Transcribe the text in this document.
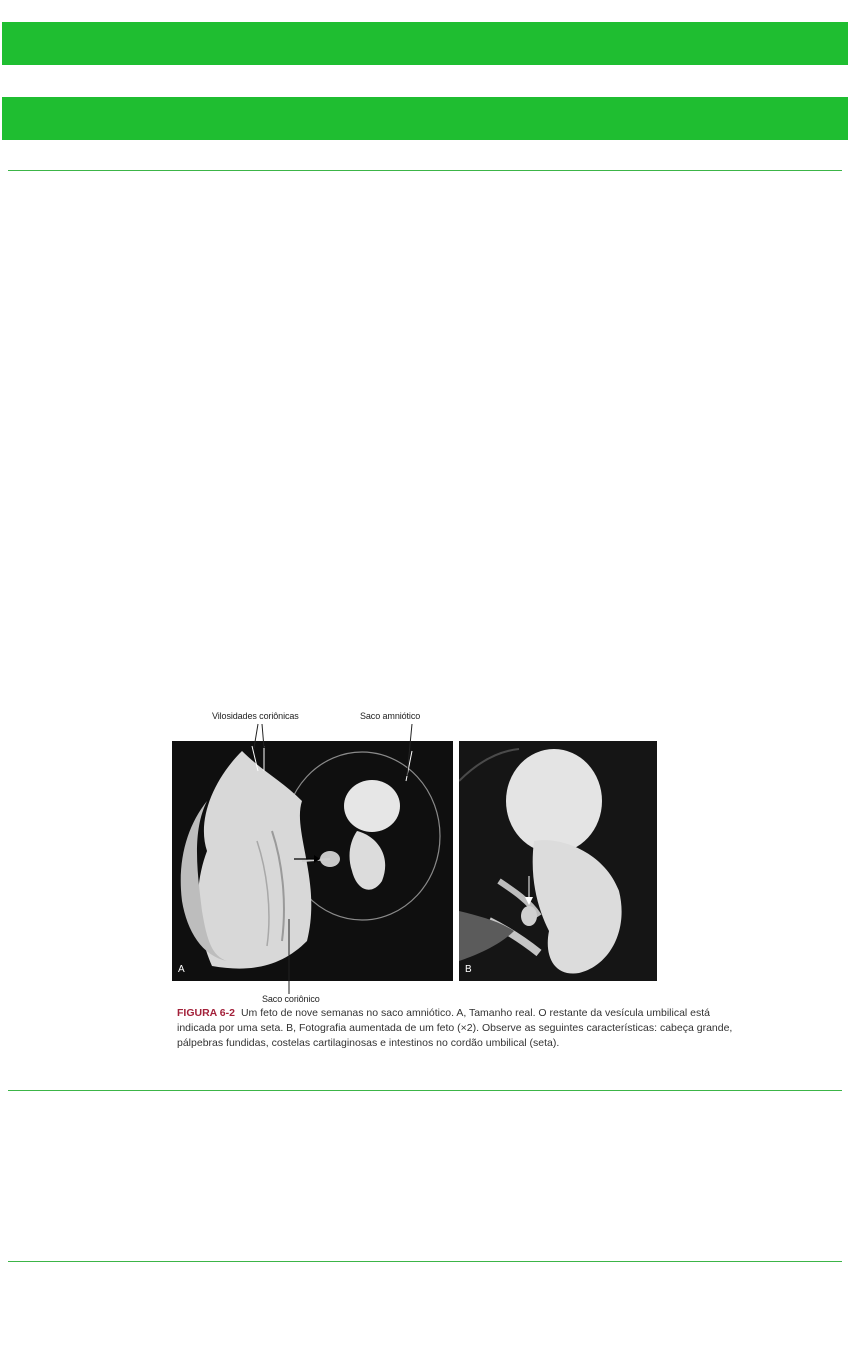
Vilosidades coriônicas	Saco amniótico
A	B
Saco coriônico
FIGURA 6-2 Um feto de nove semanas no saco amniótico. A, Tamanho real. O restante da vesícula umbilical está indicada por uma seta. B, Fotografia aumentada de um feto (×2). Observe as seguintes características: cabeça grande, pálpebras fundidas, costelas cartilaginosas e intestinos no cordão umbilical (seta).
